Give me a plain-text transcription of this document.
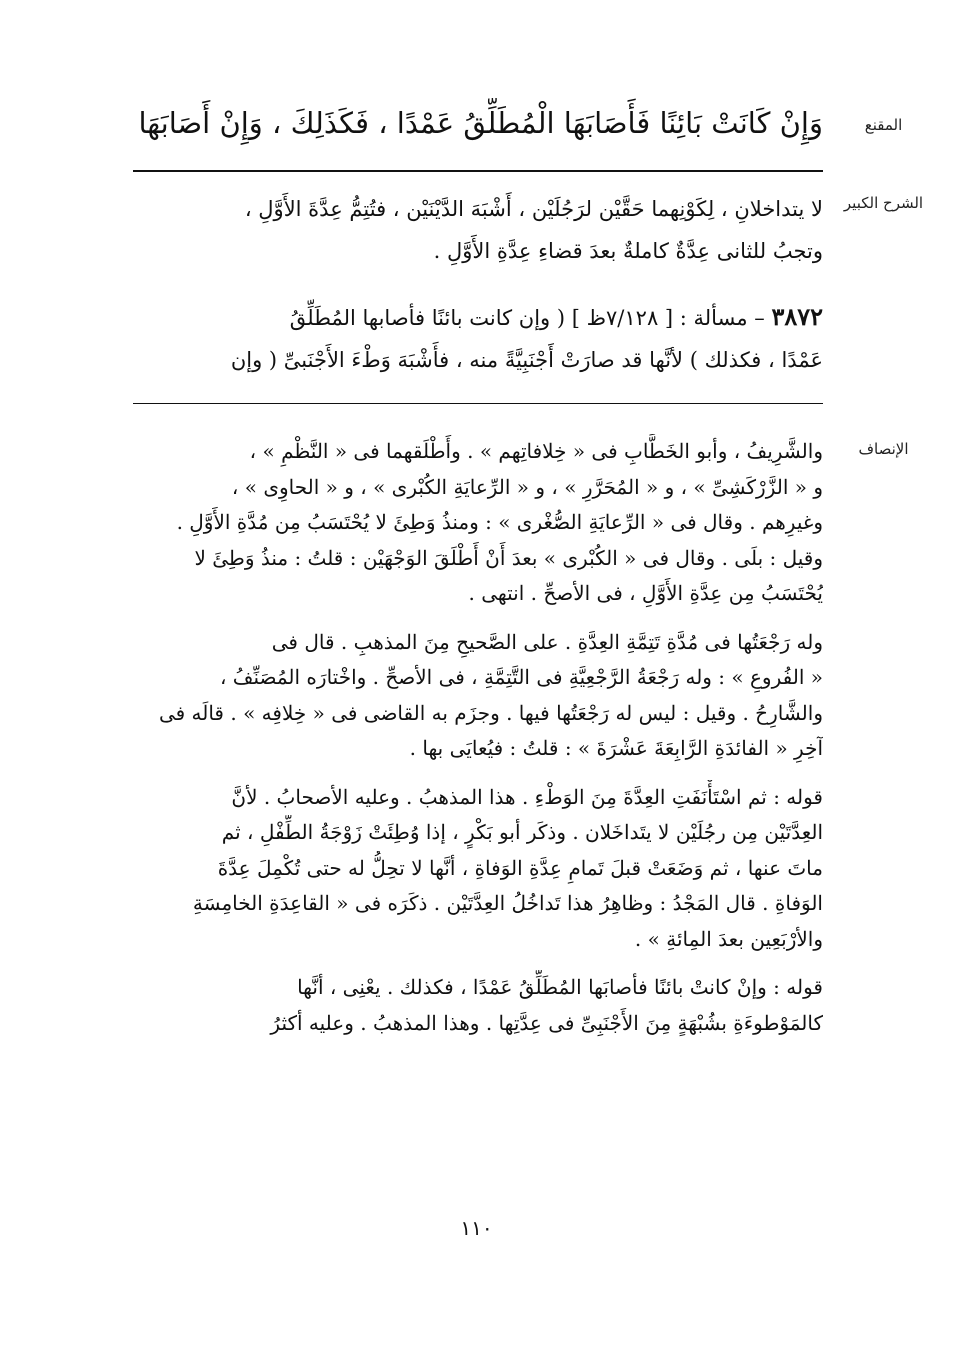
المقنع
وَإِنْ كَانَتْ بَائِنًا فَأَصَابَهَا الْمُطَلِّقُ عَمْدًا ، فَكَذَلِكَ ، وَإِنْ أَصَابَهَا
الشرح الكبير
لا يتداخلانِ ، لِكَوْنِهما حَقَّيْن لرَجُلَيْن ، أَشْبَهَ الدَّيْنَيْن ، فتُتِمُّ عِدَّةَ الأَوَّلِ ،
وتجبُ للثانى عِدَّةٌ كاملةٌ بعدَ قضاءِ عِدَّةِ الأَوَّلِ .
٣٨٧٢ – مسألة : [ ٧/١٢٨ظ ] ( وإن كانت بائنًا فأصابها المُطَلِّقُ
عَمْدًا ، فكذلك ) لأنَّها قد صارَتْ أَجْنَبِيَّةً منه ، فأَشْبَهَ وَطْءَ الأَجْنَبىِّ ( وإن
الإنصاف
والشَّرِيفُ ، وأبو الخَطَّابِ فى « خِلافاتِهم » . وأَطْلَقهما فى « النَّظْمِ » ،
و « الزَّرْكَشِىِّ » ، و « المُحَرَّرِ » ، و « الرِّعايَةِ الكُبْرى » ، و « الحاوِى » ،
وغيرِهم . وقال فى « الرِّعايَةِ الصُّغْرى » : ومنذُ وَطِئَ لا يُحْتَسَبُ مِن مُدَّةِ الأَوَّلِ .
وقيل : بلَى . وقال فى « الكُبْرى » بعدَ أَنْ أَطْلَقَ الوَجْهَيْن : قلتُ : منذُ وَطِئَ لا
يُحْتَسَبُ مِن عِدَّةِ الأَوَّلِ ، فى الأصحِّ . انتهى .
وله رَجْعَتُها فى مُدَّةِ تَتِمَّةِ العِدَّةِ . على الصَّحيحِ مِنَ المذهبِ . قال فى
« الفُروعِ » : وله رَجْعَةُ الرَّجْعِيَّةِ فى التَّتِمَّةِ ، فى الأصحِّ . واخْتارَه المُصَنِّفُ ،
والشَّارِحُ . وقيل : ليس له رَجْعَتُها فيها . وجزَم به القاضى فى « خِلافِه » . قالَه فى
آخِرِ « الفائدَةِ الرَّابِعَةَ عَشْرَةَ » : قلتُ : فيُعايَى بها .
قوله : ثم اسْتَأْنَفَتِ العِدَّةَ مِنَ الوَطْءِ . هذا المذهبُ . وعليه الأصحابُ . لأنَّ
العِدَّتَيْن مِن رجُلَيْن لا يتَداخَلان . وذكَر أبو بَكْرٍ ، إذا وُطِئَتْ زَوْجَةُ الطِّفْلِ ، ثم
ماتَ عنها ، ثم وَضَعَتْ قبلَ تَمامِ عِدَّةِ الوَفاةِ ، أنَّها لا تحِلُّ له حتى تُكْمِلَ عِدَّةَ
الوَفاةِ . قال المَجْدُ : وظاهِرُ هذا تَداخُلُ العِدَّتَيْن . ذكَرَه فى « القاعِدَةِ الخامِسَةِ
والأرْبَعِين بعدَ المِائةِ » .
قوله : وإنْ كانتْ بائنًا فأصابَها المُطَلِّقُ عَمْدًا ، فكذلك . يعْنِى ، أنَّها
كالمَوْطوءَةِ بشُبْهَةٍ مِنَ الأَجْنَبِىِّ فى عِدَّتِها . وهذا المذهبُ . وعليه أكثرُ
١١٠
